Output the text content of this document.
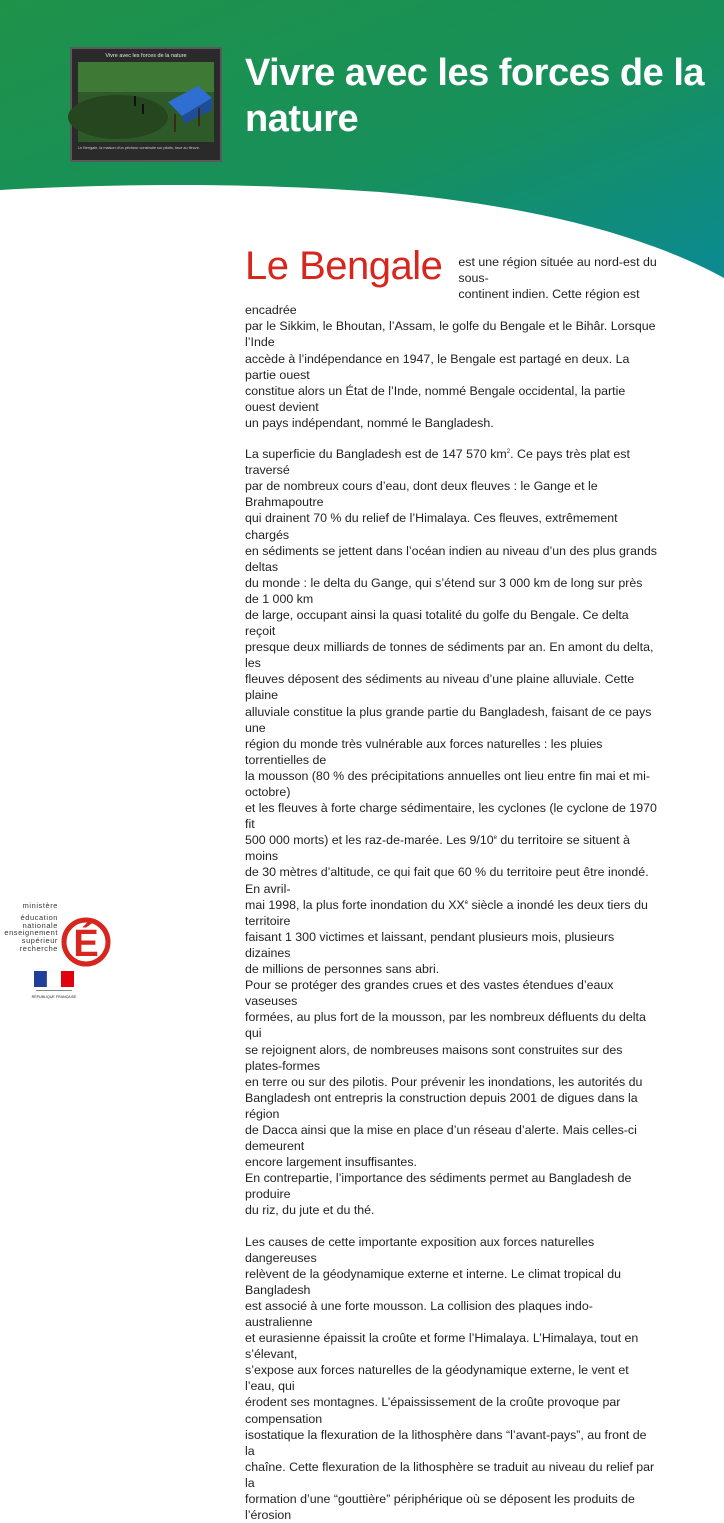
Vivre avec les forces de la nature
Le Bengale, la maison d'un pêcheur construite sur pilotis, face au fleuve.
Vivre avec les forces de la nature
Le Bengale	est une région située au nord-est du sous-
continent indien. Cette région est encadrée
par le Sikkim, le Bhoutan, l’Assam, le golfe du Bengale et le Bihâr. Lorsque l’Inde
accède à l’indépendance en 1947, le Bengale est partagé en deux. La partie ouest
constitue alors un État de l’Inde, nommé Bengale occidental, la partie ouest devient
un pays indépendant, nommé le Bangladesh.
La superficie du Bangladesh est de 147 570 $km^2$. Ce pays très plat est traversé
par de nombreux cours d’eau, dont deux fleuves : le Gange et le Brahmapoutre
qui drainent 70 % du relief de l’Himalaya. Ces fleuves, extrêmement chargés
en sédiments se jettent dans l’océan indien au niveau d’un des plus grands deltas
du monde : le delta du Gange, qui s’étend sur 3 000 km de long sur près de 1 000 km
de large, occupant ainsi la quasi totalité du golfe du Bengale. Ce delta reçoit
presque deux milliards de tonnes de sédiments par an. En amont du delta, les
fleuves déposent des sédiments au niveau d’une plaine alluviale. Cette plaine
alluviale constitue la plus grande partie du Bangladesh, faisant de ce pays une
région du monde très vulnérable aux forces naturelles : les pluies torrentielles de
la mousson (80 % des précipitations annuelles ont lieu entre fin mai et mi-octobre)
et les fleuves à forte charge sédimentaire, les cyclones (le cyclone de 1970 fit
500 000 morts) et les raz-de-marée. Les 9/10e du territoire se situent à moins
de 30 mètres d’altitude, ce qui fait que 60 % du territoire peut être inondé. En avril-
mai 1998, la plus forte inondation du XXe siècle a inondé les deux tiers du territoire
faisant 1 300 victimes et laissant, pendant plusieurs mois, plusieurs dizaines
de millions de personnes sans abri.
Pour se protéger des grandes crues et des vastes étendues d’eaux vaseuses
formées, au plus fort de la mousson, par les nombreux défluents du delta qui
se rejoignent alors, de nombreuses maisons sont construites sur des plates-formes
en terre ou sur des pilotis. Pour prévenir les inondations, les autorités du
Bangladesh ont entrepris la construction depuis 2001 de digues dans la région
de Dacca ainsi que la mise en place d’un réseau d’alerte. Mais celles-ci demeurent
encore largement insuffisantes.
En contrepartie, l’importance des sédiments permet au Bangladesh de produire
du riz, du jute et du thé.
Les causes de cette importante exposition aux forces naturelles dangereuses
relèvent de la géodynamique externe et interne. Le climat tropical du Bangladesh
est associé à une forte mousson. La collision des plaques indo-australienne
et eurasienne épaissit la croûte et forme l’Himalaya. L’Himalaya, tout en s’élevant,
s’expose aux forces naturelles de la géodynamique externe, le vent et l’eau, qui
érodent ses montagnes. L’épaississement de la croûte provoque par compensation
isostatique la flexuration de la lithosphère dans “l’avant-pays”, au front de la
chaîne. Cette flexuration de la lithosphère se traduit au niveau du relief par la
formation d’une “gouttière” périphérique où se déposent les produits de l’érosion
É
ministère
éducation
nationale
enseignement
supérieur
recherche
RÉPUBLIQUE FRANÇAISE
